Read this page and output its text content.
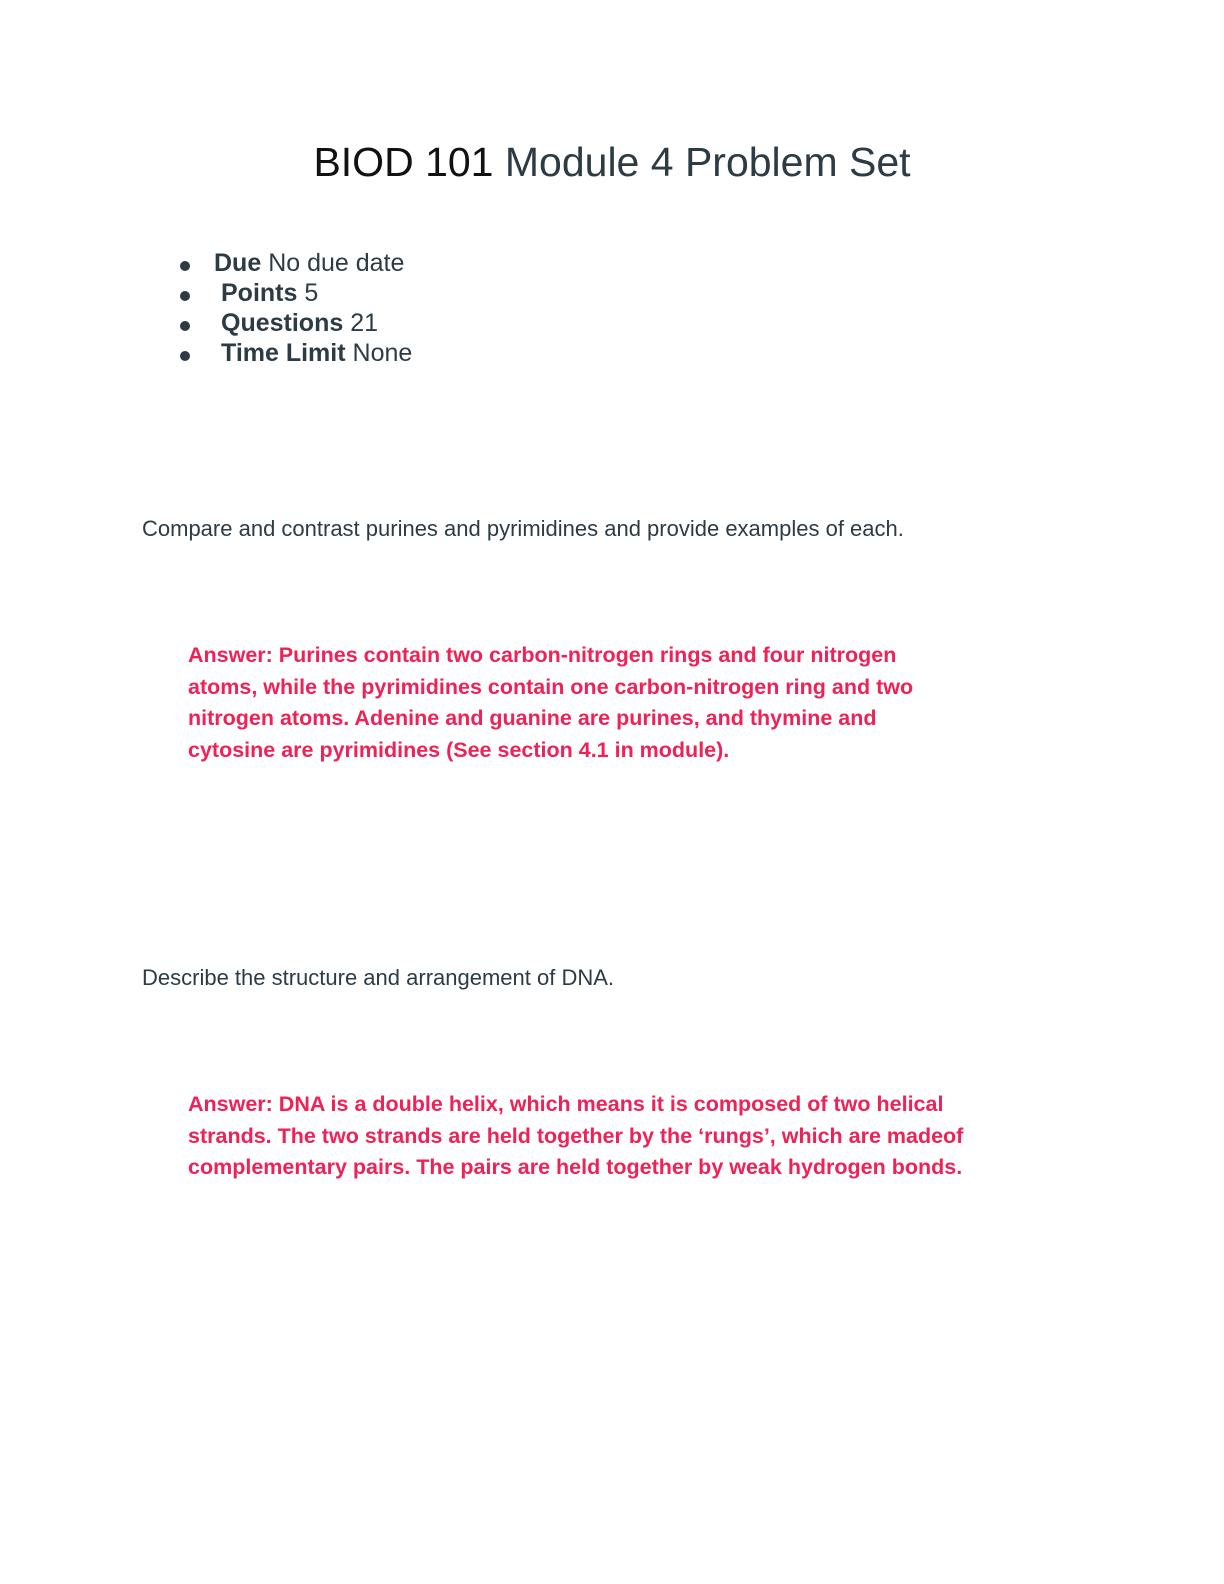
BIOD 101 Module 4 Problem Set
Due No due date
Points 5
Questions 21
Time Limit None

Compare and contrast purines and pyrimidines and provide examples of each.

Answer: Purines contain two carbon-nitrogen rings and four nitrogen
atoms, while the pyrimidines contain one carbon-nitrogen ring and two
nitrogen atoms. Adenine and guanine are purines, and thymine and
cytosine are pyrimidines (See section 4.1 in module).

Describe the structure and arrangement of DNA.

Answer: DNA is a double helix, which means it is composed of two helical
strands. The two strands are held together by the ‘rungs’, which are madeof
complementary pairs. The pairs are held together by weak hydrogen bonds.
